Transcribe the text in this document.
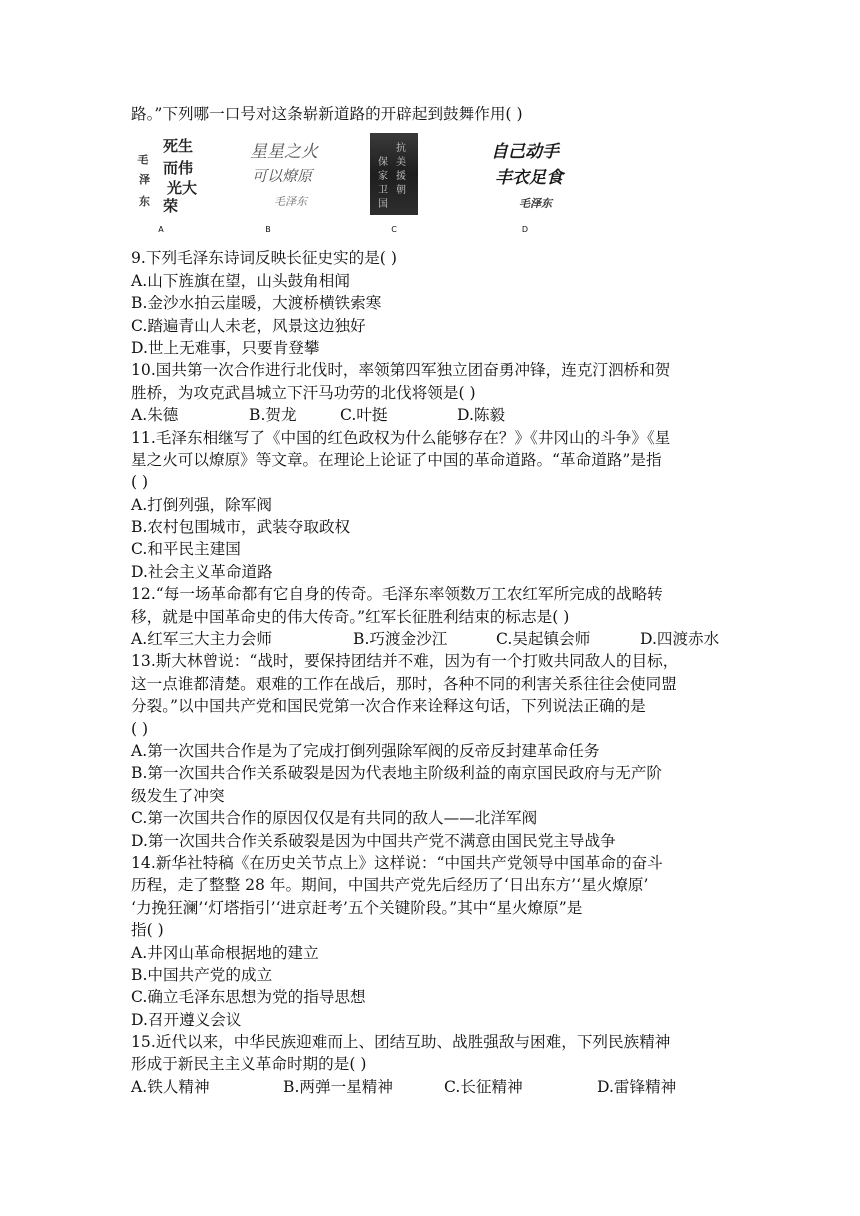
路。”下列哪一口号对这条崭新道路的开辟起到鼓舞作用( )
死生
而伟
光大
荣
毛
泽
东
A
星星之火
可以燎原
毛泽东
B
抗
美
援
朝
保
家
卫
国
C
自己动手
丰衣足食
毛泽东
D
9.下列毛泽东诗词反映长征史实的是( )
A.山下旌旗在望，山头鼓角相闻
B.金沙水拍云崖暖，大渡桥横铁索寒
C.踏遍青山人未老，风景这边独好
D.世上无难事，只要肯登攀
10.国共第一次合作进行北伐时，率领第四军独立团奋勇冲锋，连克汀泗桥和贺
胜桥，为攻克武昌城立下汗马功劳的北伐将领是( )
A.朱德	B.贺龙	C.叶挺	D.陈毅
11.毛泽东相继写了《中国的红色政权为什么能够存在？》《井冈山的斗争》《星
星之火可以燎原》等文章。在理论上论证了中国的革命道路。“革命道路”是指
( )
A.打倒列强，除军阀
B.农村包围城市，武装夺取政权
C.和平民主建国
D.社会主义革命道路
12.“每一场革命都有它自身的传奇。毛泽东率领数万工农红军所完成的战略转
移，就是中国革命史的伟大传奇。”红军长征胜利结束的标志是( )
A.红军三大主力会师	B.巧渡金沙江	C.吴起镇会师	D.四渡赤水
13.斯大林曾说：“战时，要保持团结并不难，因为有一个打败共同敌人的目标，
这一点谁都清楚。艰难的工作在战后，那时，各种不同的利害关系往往会使同盟
分裂。”以中国共产党和国民党第一次合作来诠释这句话，下列说法正确的是
( )
A.第一次国共合作是为了完成打倒列强除军阀的反帝反封建革命任务
B.第一次国共合作关系破裂是因为代表地主阶级利益的南京国民政府与无产阶
级发生了冲突
C.第一次国共合作的原因仅仅是有共同的敌人——北洋军阀
D.第一次国共合作关系破裂是因为中国共产党不满意由国民党主导战争
14.新华社特稿《在历史关节点上》这样说：“中国共产党领导中国革命的奋斗
历程，走了整整 28 年。期间，中国共产党先后经历了‘日出东方’‘星火燎原’
‘力挽狂澜’‘灯塔指引’‘进京赶考’五个关键阶段。”其中“星火燎原”是
指( )
A.井冈山革命根据地的建立
B.中国共产党的成立
C.确立毛泽东思想为党的指导思想
D.召开遵义会议
15.近代以来，中华民族迎难而上、团结互助、战胜强敌与困难，下列民族精神
形成于新民主主义革命时期的是( )
A.铁人精神	B.两弹一星精神	C.长征精神	D.雷锋精神
